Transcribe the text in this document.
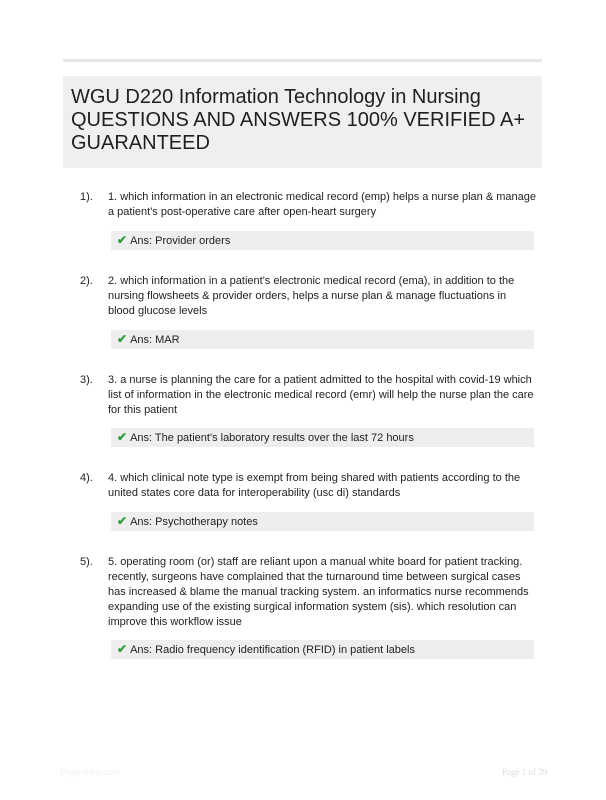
WGU D220 Information Technology in Nursing QUESTIONS AND ANSWERS 100% VERIFIED A+ GUARANTEED
1). 1. which information in an electronic medical record (emp) helps a nurse plan & manage a patient's post-operative care after open-heart surgery
✔ Ans: Provider orders
2). 2. which information in a patient's electronic medical record (ema), in addition to the nursing flowsheets & provider orders, helps a nurse plan & manage fluctuations in blood glucose levels
✔ Ans: MAR
3). 3. a nurse is planning the care for a patient admitted to the hospital with covid-19 which list of information in the electronic medical record (emr) will help the nurse plan the care for this patient
✔ Ans: The patient's laboratory results over the last 72 hours
4). 4. which clinical note type is exempt from being shared with patients according to the united states core data for interoperability (usc di) standards
✔ Ans: Psychotherapy notes
5). 5. operating room (or) staff are reliant upon a manual white board for patient tracking. recently, surgeons have complained that the turnaround time between surgical cases has increased & blame the manual tracking system. an informatics nurse recommends expanding use of the existing surgical information system (sis). which resolution can improve this workflow issue
✔ Ans: Radio frequency identification (RFID) in patient labels
Paperfolio.com	Page 1 of 39
